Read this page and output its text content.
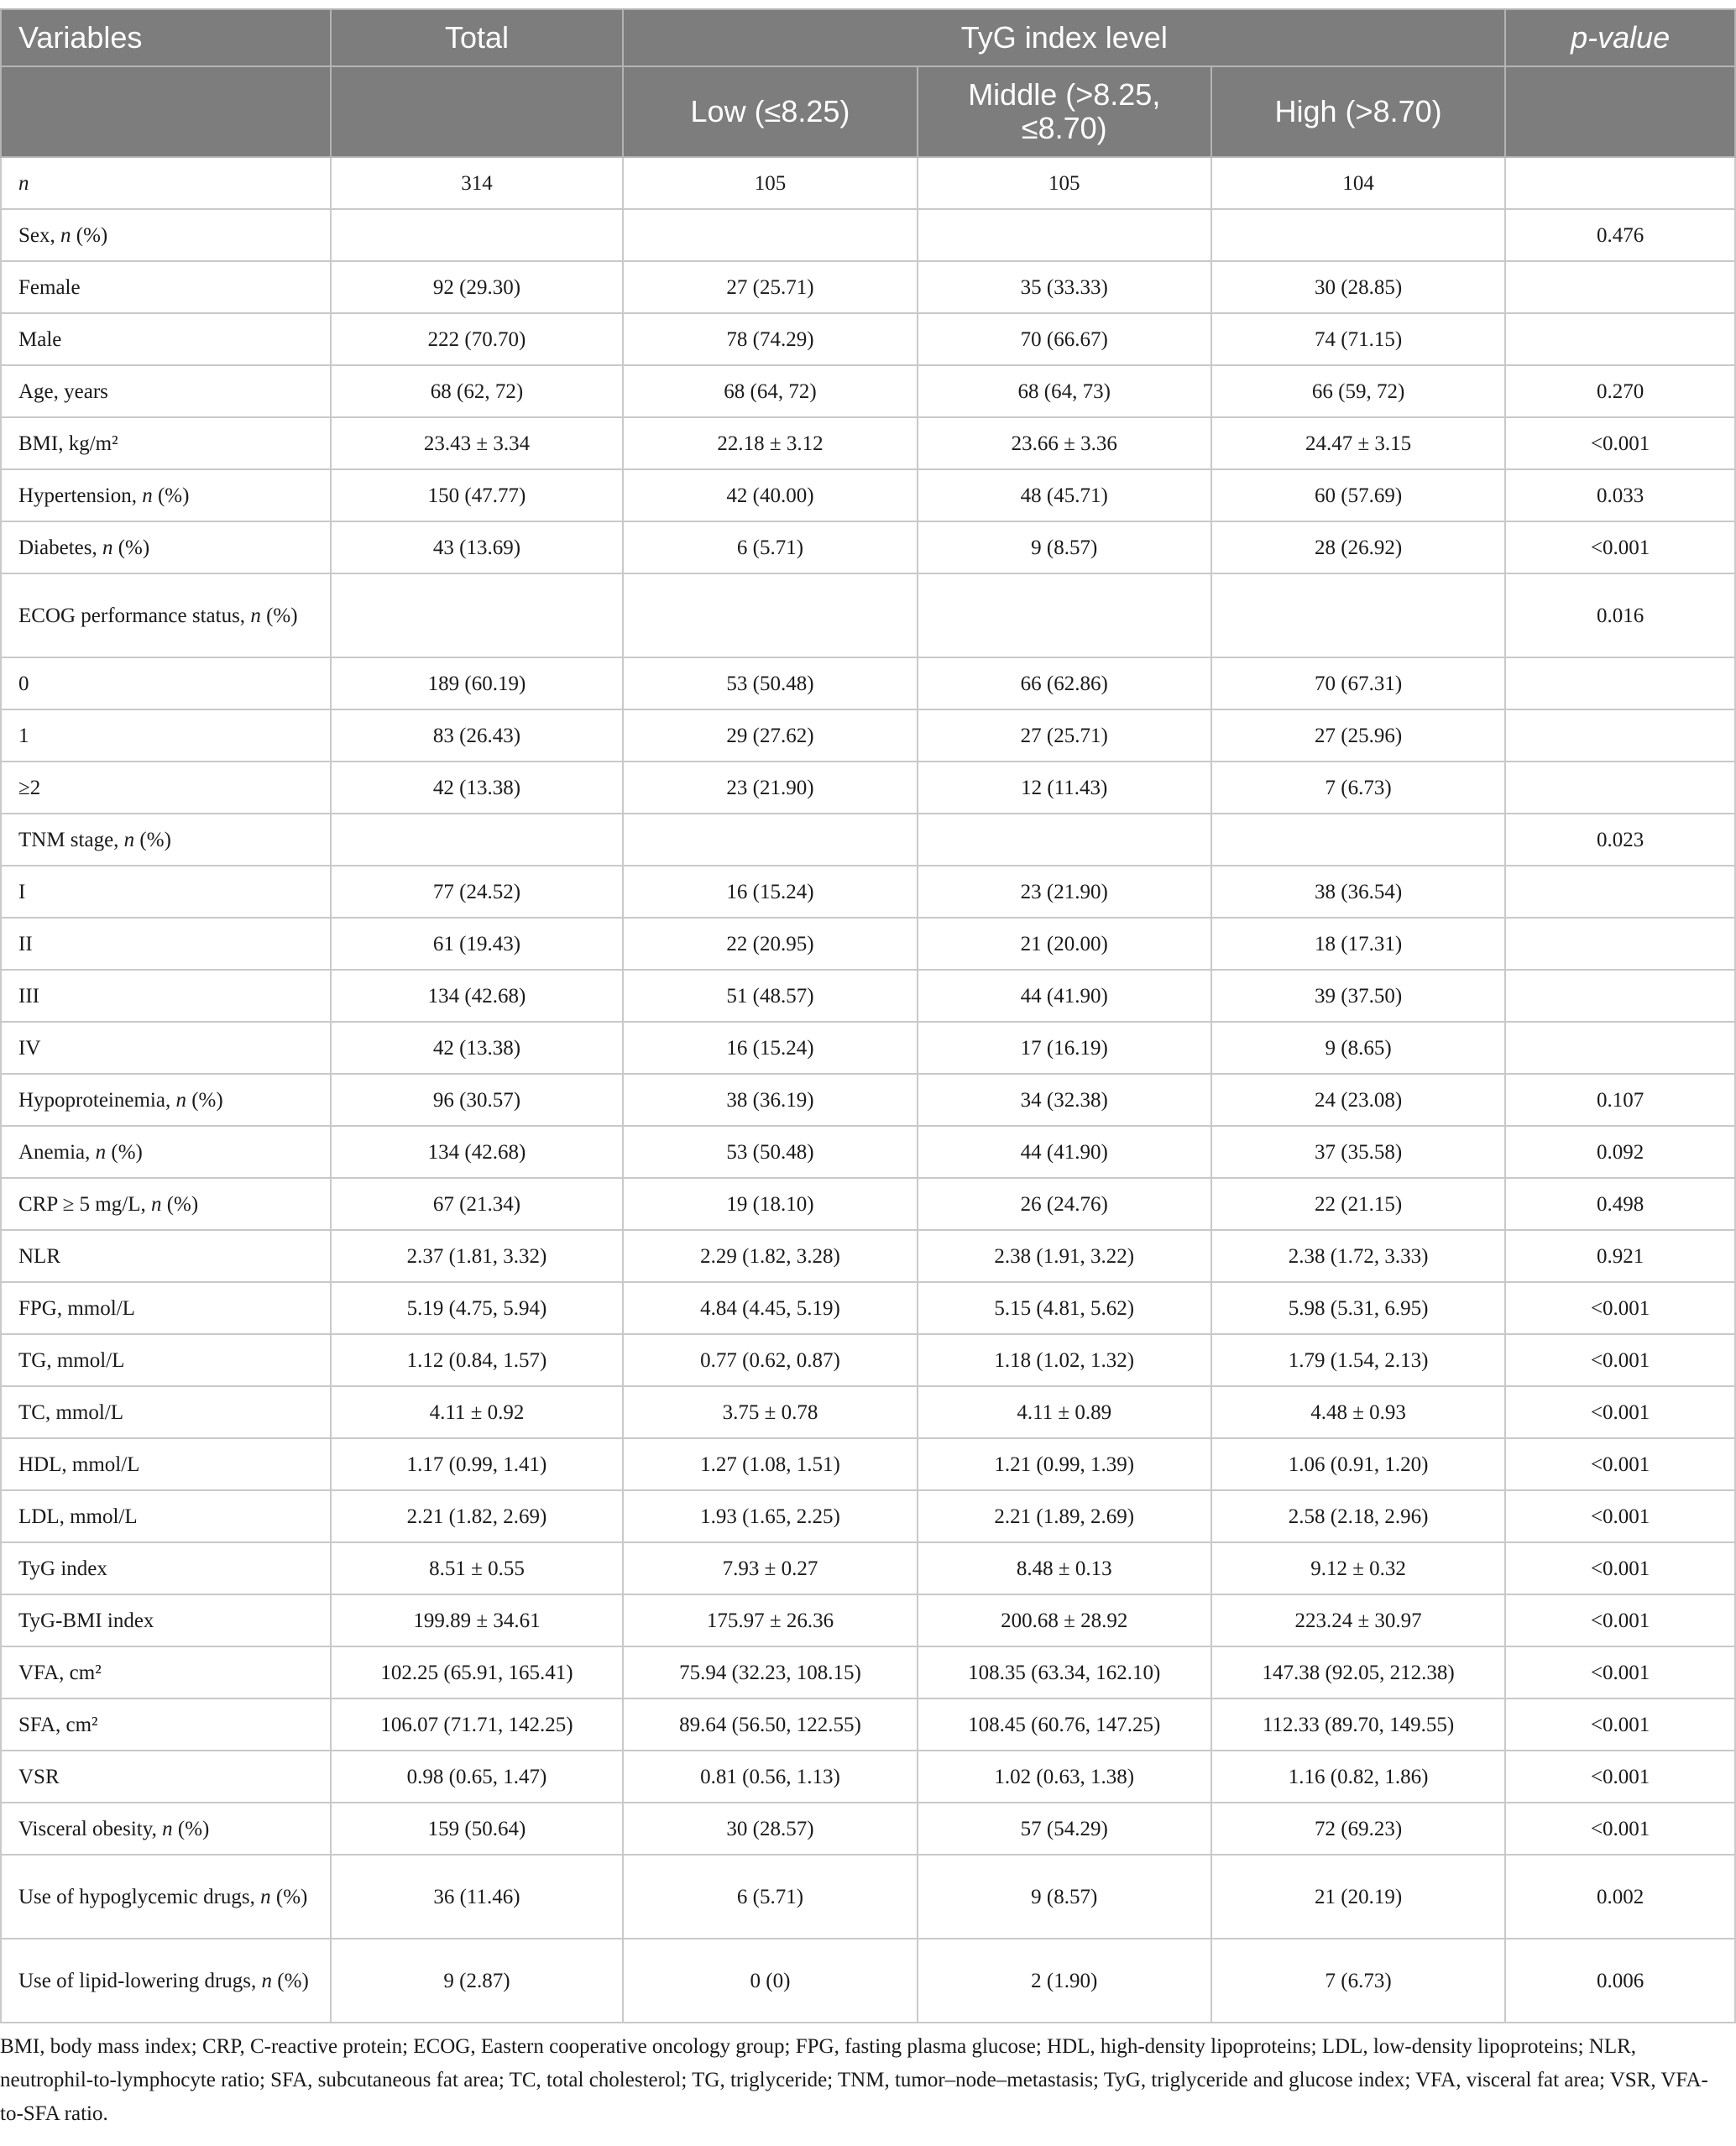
Variables	Total	TyG index level			p-value
		Low (≤8.25)	Middle (>8.25, ≤8.70)	High (>8.70)	
n	314	105	105	104	
Sex, n (%)					0.476
Female	92 (29.30)	27 (25.71)	35 (33.33)	30 (28.85)	
Male	222 (70.70)	78 (74.29)	70 (66.67)	74 (71.15)	
Age, years	68 (62, 72)	68 (64, 72)	68 (64, 73)	66 (59, 72)	0.270
BMI, kg/m²	23.43 ± 3.34	22.18 ± 3.12	23.66 ± 3.36	24.47 ± 3.15	<0.001
Hypertension, n (%)	150 (47.77)	42 (40.00)	48 (45.71)	60 (57.69)	0.033
Diabetes, n (%)	43 (13.69)	6 (5.71)	9 (8.57)	28 (26.92)	<0.001
ECOG performance status, n (%)					0.016
0	189 (60.19)	53 (50.48)	66 (62.86)	70 (67.31)	
1	83 (26.43)	29 (27.62)	27 (25.71)	27 (25.96)	
≥2	42 (13.38)	23 (21.90)	12 (11.43)	7 (6.73)	
TNM stage, n (%)					0.023
I	77 (24.52)	16 (15.24)	23 (21.90)	38 (36.54)	
II	61 (19.43)	22 (20.95)	21 (20.00)	18 (17.31)	
III	134 (42.68)	51 (48.57)	44 (41.90)	39 (37.50)	
IV	42 (13.38)	16 (15.24)	17 (16.19)	9 (8.65)	
Hypoproteinemia, n (%)	96 (30.57)	38 (36.19)	34 (32.38)	24 (23.08)	0.107
Anemia, n (%)	134 (42.68)	53 (50.48)	44 (41.90)	37 (35.58)	0.092
CRP ≥ 5 mg/L, n (%)	67 (21.34)	19 (18.10)	26 (24.76)	22 (21.15)	0.498
NLR	2.37 (1.81, 3.32)	2.29 (1.82, 3.28)	2.38 (1.91, 3.22)	2.38 (1.72, 3.33)	0.921
FPG, mmol/L	5.19 (4.75, 5.94)	4.84 (4.45, 5.19)	5.15 (4.81, 5.62)	5.98 (5.31, 6.95)	<0.001
TG, mmol/L	1.12 (0.84, 1.57)	0.77 (0.62, 0.87)	1.18 (1.02, 1.32)	1.79 (1.54, 2.13)	<0.001
TC, mmol/L	4.11 ± 0.92	3.75 ± 0.78	4.11 ± 0.89	4.48 ± 0.93	<0.001
HDL, mmol/L	1.17 (0.99, 1.41)	1.27 (1.08, 1.51)	1.21 (0.99, 1.39)	1.06 (0.91, 1.20)	<0.001
LDL, mmol/L	2.21 (1.82, 2.69)	1.93 (1.65, 2.25)	2.21 (1.89, 2.69)	2.58 (2.18, 2.96)	<0.001
TyG index	8.51 ± 0.55	7.93 ± 0.27	8.48 ± 0.13	9.12 ± 0.32	<0.001
TyG-BMI index	199.89 ± 34.61	175.97 ± 26.36	200.68 ± 28.92	223.24 ± 30.97	<0.001
VFA, cm²	102.25 (65.91, 165.41)	75.94 (32.23, 108.15)	108.35 (63.34, 162.10)	147.38 (92.05, 212.38)	<0.001
SFA, cm²	106.07 (71.71, 142.25)	89.64 (56.50, 122.55)	108.45 (60.76, 147.25)	112.33 (89.70, 149.55)	<0.001
VSR	0.98 (0.65, 1.47)	0.81 (0.56, 1.13)	1.02 (0.63, 1.38)	1.16 (0.82, 1.86)	<0.001
Visceral obesity, n (%)	159 (50.64)	30 (28.57)	57 (54.29)	72 (69.23)	<0.001
Use of hypoglycemic drugs, n (%)	36 (11.46)	6 (5.71)	9 (8.57)	21 (20.19)	0.002
Use of lipid-lowering drugs, n (%)	9 (2.87)	0 (0)	2 (1.90)	7 (6.73)	0.006

BMI, body mass index; CRP, C-reactive protein; ECOG, Eastern cooperative oncology group; FPG, fasting plasma glucose; HDL, high-density lipoproteins; LDL, low-density lipoproteins; NLR, neutrophil-to-lymphocyte ratio; SFA, subcutaneous fat area; TC, total cholesterol; TG, triglyceride; TNM, tumor–node–metastasis; TyG, triglyceride and glucose index; VFA, visceral fat area; VSR, VFA-to-SFA ratio.
